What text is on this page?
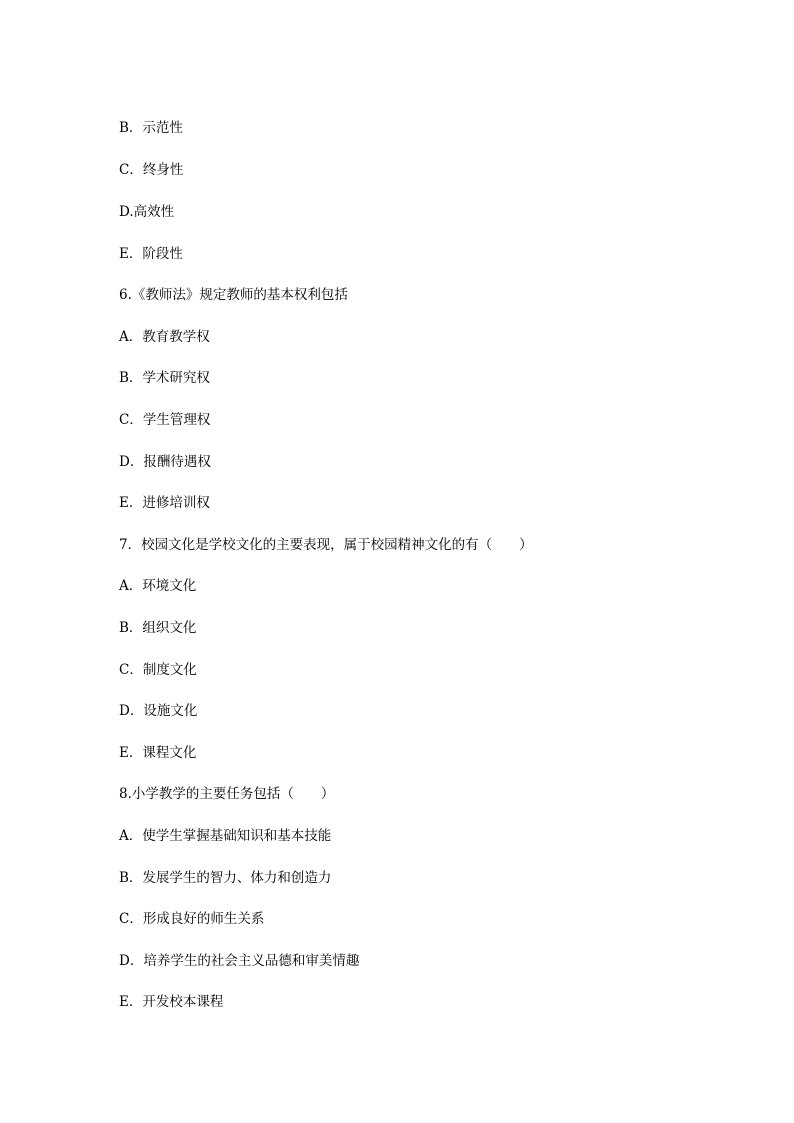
B．示范性
C．终身性
D.高效性
E．阶段性
6.《教师法》规定教师的基本权利包括
A．教育教学权
B．学术研究权
C．学生管理权
D．报酬待遇权
E．进修培训权
7．校园文化是学校文化的主要表现，属于校园精神文化的有（　　）
A．环境文化
B．组织文化
C．制度文化
D．设施文化
E．课程文化
8.小学教学的主要任务包括（　　）
A．使学生掌握基础知识和基本技能
B．发展学生的智力、体力和创造力
C．形成良好的师生关系
D．培养学生的社会主义品德和审美情趣
E．开发校本课程
